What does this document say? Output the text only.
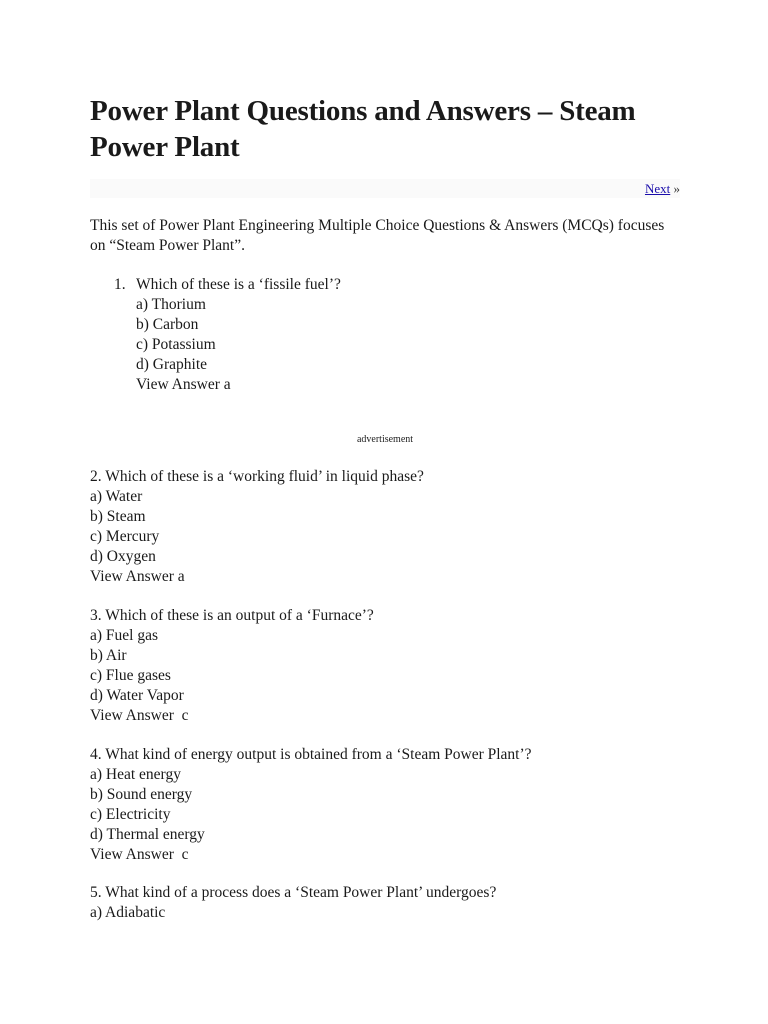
Power Plant Questions and Answers – Steam Power Plant
Next »

This set of Power Plant Engineering Multiple Choice Questions & Answers (MCQs) focuses on “Steam Power Plant”.

1. Which of these is a ‘fissile fuel’?
a) Thorium
b) Carbon
c) Potassium
d) Graphite
View Answer a
advertisement
2. Which of these is a ‘working fluid’ in liquid phase?
a) Water
b) Steam
c) Mercury
d) Oxygen
View Answer a
3. Which of these is an output of a ‘Furnace’?
a) Fuel gas
b) Air
c) Flue gases
d) Water Vapor
View Answer  c
4. What kind of energy output is obtained from a ‘Steam Power Plant’?
a) Heat energy
b) Sound energy
c) Electricity
d) Thermal energy
View Answer  c
5. What kind of a process does a ‘Steam Power Plant’ undergoes?
a) Adiabatic
